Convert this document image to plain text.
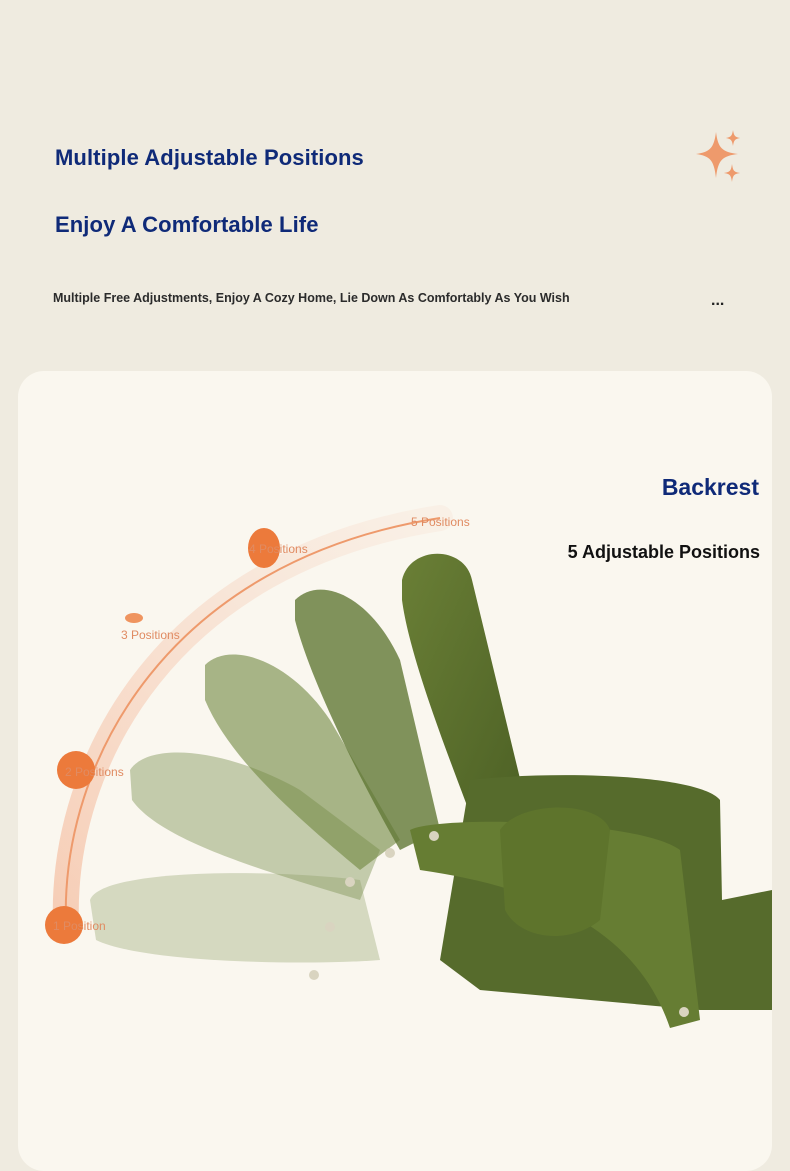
Multiple Adjustable Positions
Enjoy A Comfortable Life
Multiple Free Adjustments, Enjoy A Cozy Home, Lie Down As Comfortably As You Wish	...
1 Position
2 Positions
3 Positions
4 Positions
5 Positions
Backrest
5 Adjustable Positions
